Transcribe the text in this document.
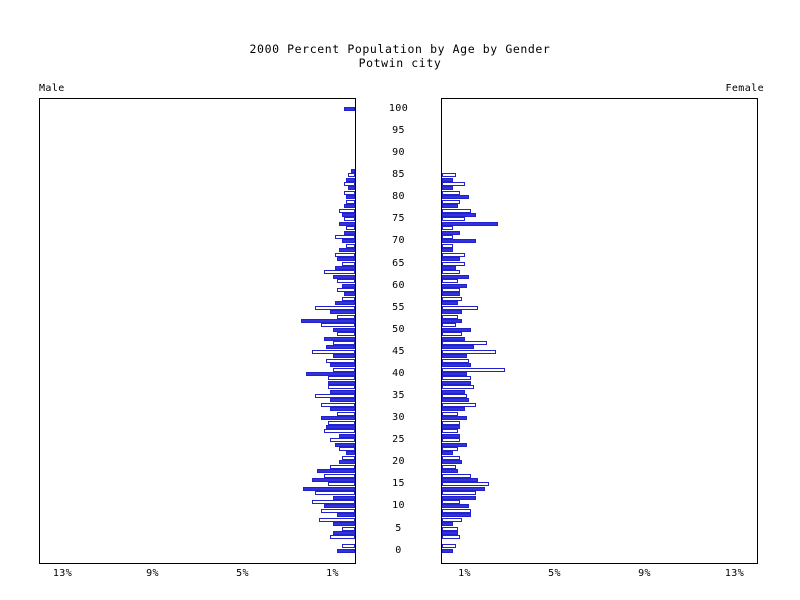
2000 Percent Population by Age by Gender
Potwin city
Male	Female
0
5
10
15
20
25
30
35
40
45
50
55
60
65
70
75
80
85
90
95
100
13%	9%	5%	1%	1%	5%	9%	13%
